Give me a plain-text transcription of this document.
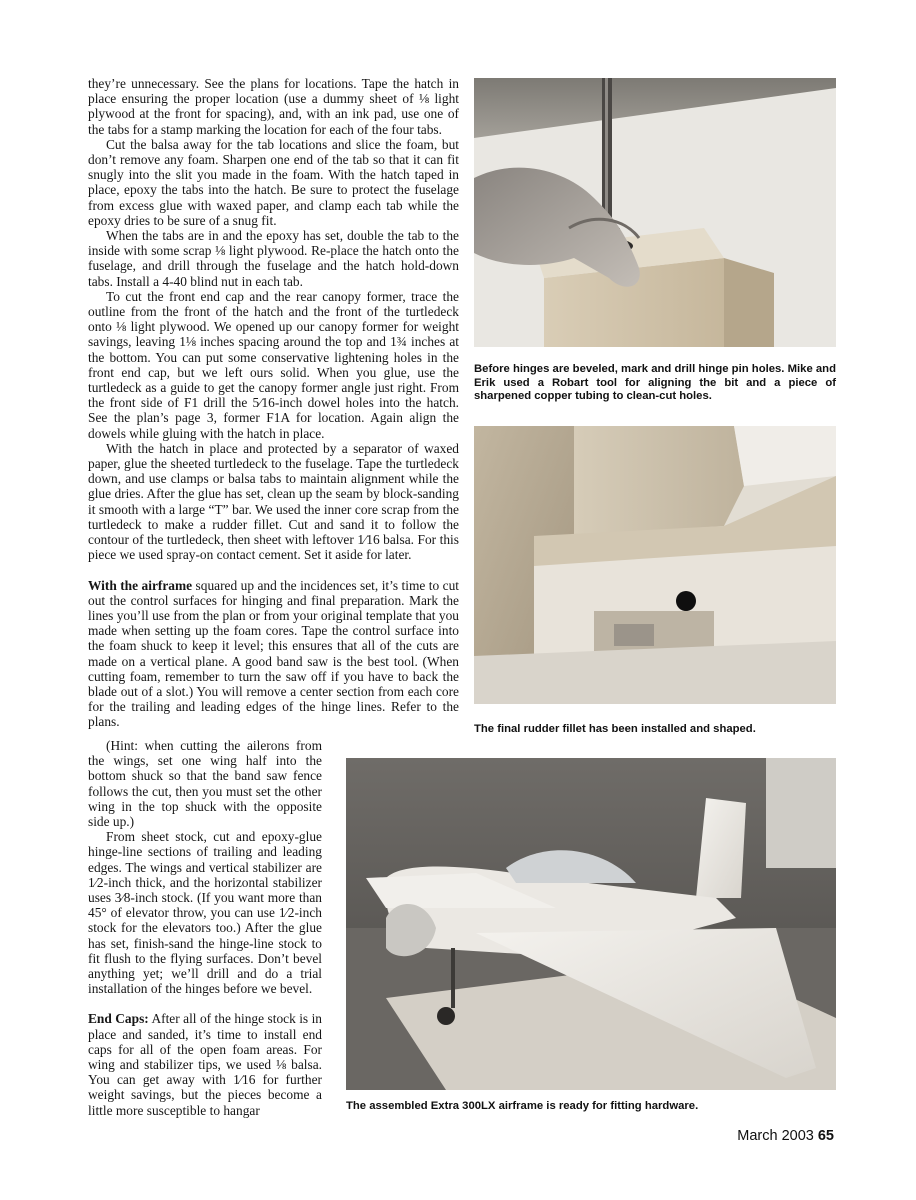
they’re unnecessary. See the plans for locations. Tape the hatch in place ensuring the proper location (use a dummy sheet of ⅛ light plywood at the front for spacing), and, with an ink pad, use one of the tabs for a stamp marking the location for each of the four tabs.

Cut the balsa away for the tab locations and slice the foam, but don’t remove any foam. Sharpen one end of the tab so that it can fit snugly into the slit you made in the foam. With the hatch taped in place, epoxy the tabs into the hatch. Be sure to protect the fuselage from excess glue with waxed paper, and clamp each tab while the epoxy dries to be sure of a snug fit.

When the tabs are in and the epoxy has set, double the tab to the inside with some scrap ⅛ light plywood. Re-place the hatch onto the fuselage, and drill through the fuselage and the hatch hold-down tabs. Install a 4-40 blind nut in each tab.

To cut the front end cap and the rear canopy former, trace the outline from the front of the hatch and the front of the turtledeck onto ⅛ light plywood. We opened up our canopy former for weight savings, leaving 1⅛ inches spacing around the top and 1¾ inches at the bottom. You can put some conservative lightening holes in the front end cap, but we left ours solid. When you glue, use the turtledeck as a guide to get the canopy former angle just right. From the front side of F1 drill the 5⁄16-inch dowel holes into the hatch. See the plan’s page 3, former F1A for location. Again align the dowels while gluing with the hatch in place.

With the hatch in place and protected by a separator of waxed paper, glue the sheeted turtledeck to the fuselage. Tape the turtledeck down, and use clamps or balsa tabs to maintain alignment while the glue dries. After the glue has set, clean up the seam by block-sanding it smooth with a large “T” bar. We used the inner core scrap from the turtledeck to make a rudder fillet. Cut and sand it to follow the contour of the turtledeck, then sheet with leftover 1⁄16 balsa. For this piece we used spray-on contact cement. Set it aside for later.

With the airframe squared up and the incidences set, it’s time to cut out the control surfaces for hinging and final preparation. Mark the lines you’ll use from the plan or from your original template that you made when setting up the foam cores. Tape the control surface into the foam shuck to keep it level; this ensures that all of the cuts are made on a vertical plane. A good band saw is the best tool. (When cutting foam, remember to turn the saw off if you have to back the blade out of a slot.) You will remove a center section from each core for the trailing and leading edges of the hinge lines. Refer to the plans.

(Hint: when cutting the ailerons from the wings, set one wing half into the bottom shuck so that the band saw fence follows the cut, then you must set the other wing in the top shuck with the opposite side up.)

From sheet stock, cut and epoxy-glue hinge-line sections of trailing and leading edges. The wings and vertical stabilizer are 1⁄2-inch thick, and the horizontal stabilizer uses 3⁄8-inch stock. (If you want more than 45° of elevator throw, you can use 1⁄2-inch stock for the elevators too.) After the glue has set, finish-sand the hinge-line stock to fit flush to the flying surfaces. Don’t bevel anything yet; we’ll drill and do a trial installation of the hinges before we bevel.

End Caps: After all of the hinge stock is in place and sanded, it’s time to install end caps for all of the open foam areas. For wing and stabilizer tips, we used ⅛ balsa. You can get away with 1⁄16 for further weight savings, but the pieces become a little more susceptible to hangar

Before hinges are beveled, mark and drill hinge pin holes. Mike and Erik used a Robart tool for aligning the bit and a piece of sharpened copper tubing to clean-cut holes.
The final rudder fillet has been installed and shaped.
The assembled Extra 300LX airframe is ready for fitting hardware.
March 2003 65
